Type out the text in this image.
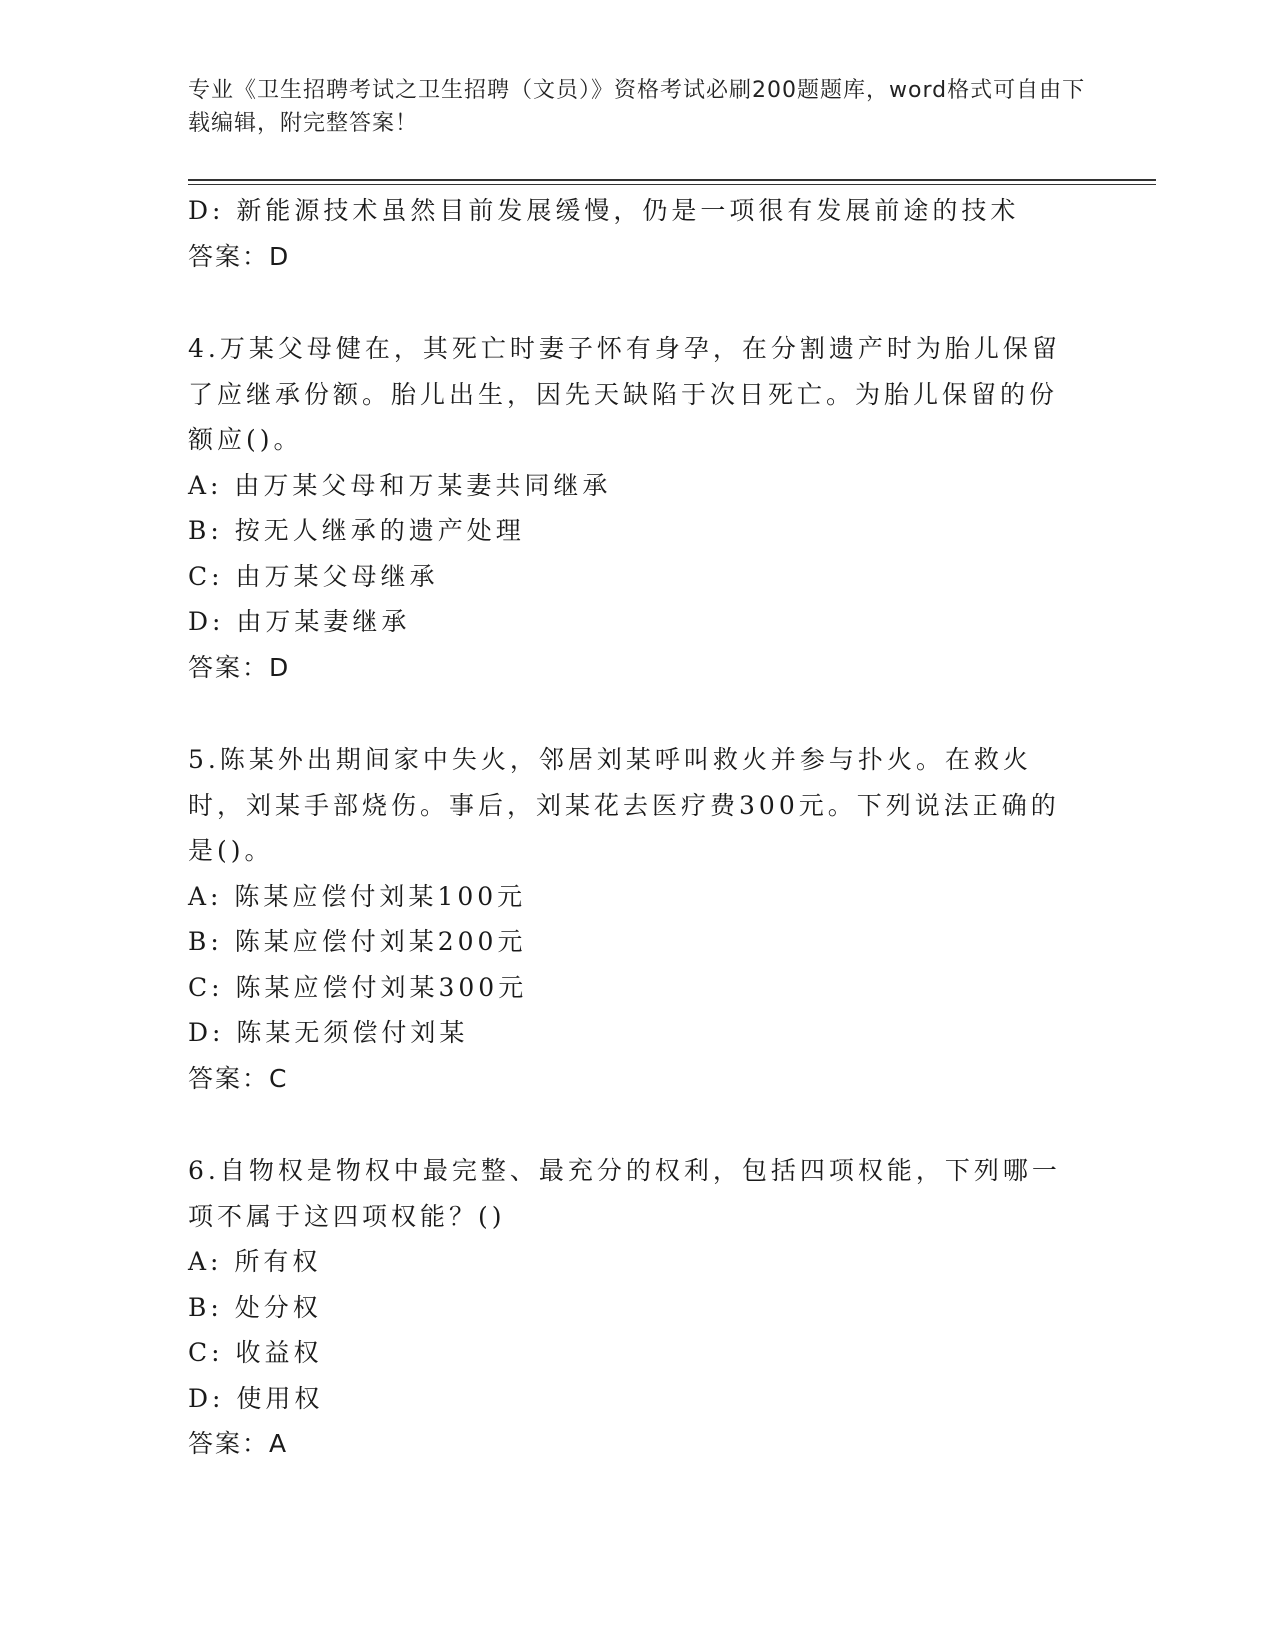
专业《卫生招聘考试之卫生招聘（文员）》资格考试必刷200题题库，word格式可自由下载编辑，附完整答案！
D: 新能源技术虽然目前发展缓慢，仍是一项很有发展前途的技术
答案：D
4.万某父母健在，其死亡时妻子怀有身孕，在分割遗产时为胎儿保留了应继承份额。胎儿出生，因先天缺陷于次日死亡。为胎儿保留的份额应()。
A: 由万某父母和万某妻共同继承
B: 按无人继承的遗产处理
C: 由万某父母继承
D: 由万某妻继承
答案：D
5.陈某外出期间家中失火，邻居刘某呼叫救火并参与扑火。在救火时，刘某手部烧伤。事后，刘某花去医疗费300元。下列说法正确的是()。
A: 陈某应偿付刘某100元
B: 陈某应偿付刘某200元
C: 陈某应偿付刘某300元
D: 陈某无须偿付刘某
答案：C
6.自物权是物权中最完整、最充分的权利，包括四项权能，下列哪一项不属于这四项权能？()
A: 所有权
B: 处分权
C: 收益权
D: 使用权
答案：A
